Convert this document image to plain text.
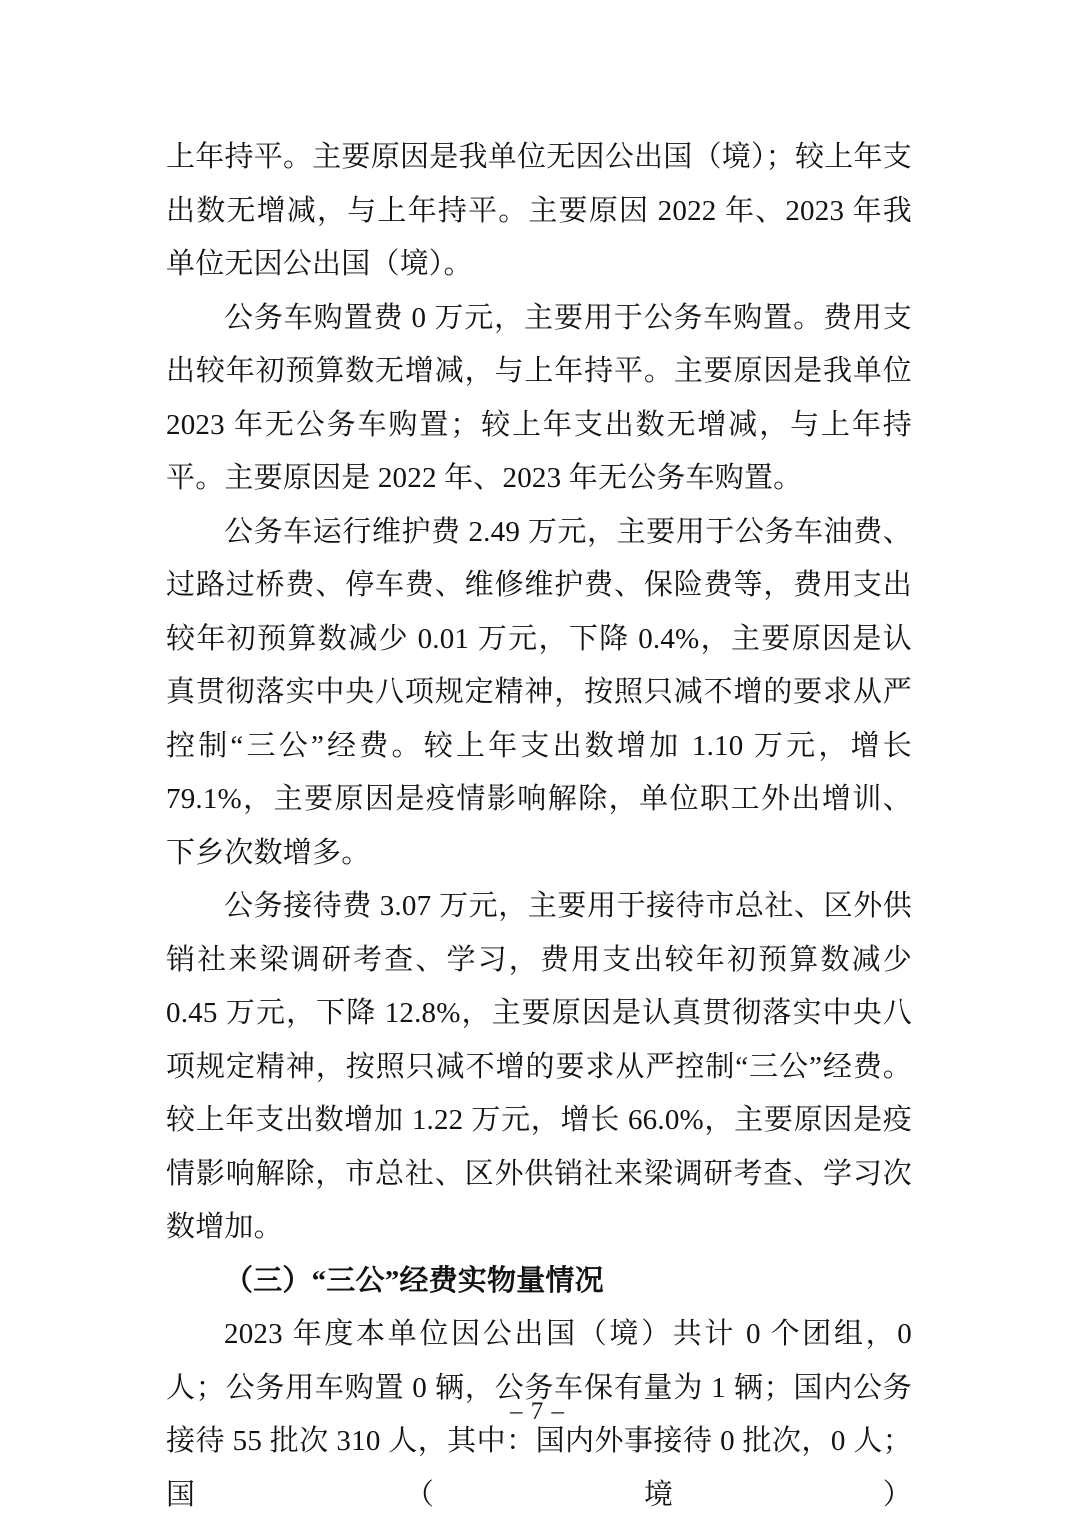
上年持平。主要原因是我单位无因公出国（境）；较上年支出数无增减，与上年持平。主要原因 2022 年、2023 年我单位无因公出国（境）。

公务车购置费 0 万元，主要用于公务车购置。费用支出较年初预算数无增减，与上年持平。主要原因是我单位 2023 年无公务车购置；较上年支出数无增减，与上年持平。主要原因是 2022 年、2023 年无公务车购置。

公务车运行维护费 2.49 万元，主要用于公务车油费、过路过桥费、停车费、维修维护费、保险费等，费用支出较年初预算数减少 0.01 万元，下降 0.4%，主要原因是认真贯彻落实中央八项规定精神，按照只减不增的要求从严控制“三公”经费。较上年支出数增加 1.10 万元，增长 79.1%，主要原因是疫情影响解除，单位职工外出增训、下乡次数增多。

公务接待费 3.07 万元，主要用于接待市总社、区外供销社来梁调研考查、学习，费用支出较年初预算数减少 0.45 万元，下降 12.8%，主要原因是认真贯彻落实中央八项规定精神，按照只减不增的要求从严控制“三公”经费。较上年支出数增加 1.22 万元，增长 66.0%，主要原因是疫情影响解除，市总社、区外供销社来梁调研考查、学习次数增加。

（三）“三公”经费实物量情况

2023 年度本单位因公出国（境）共计 0 个团组，0 人；公务用车购置 0 辆，公务车保有量为 1 辆；国内公务接待 55 批次 310 人，其中：国内外事接待 0 批次，0 人；国（境）

– 7 –
